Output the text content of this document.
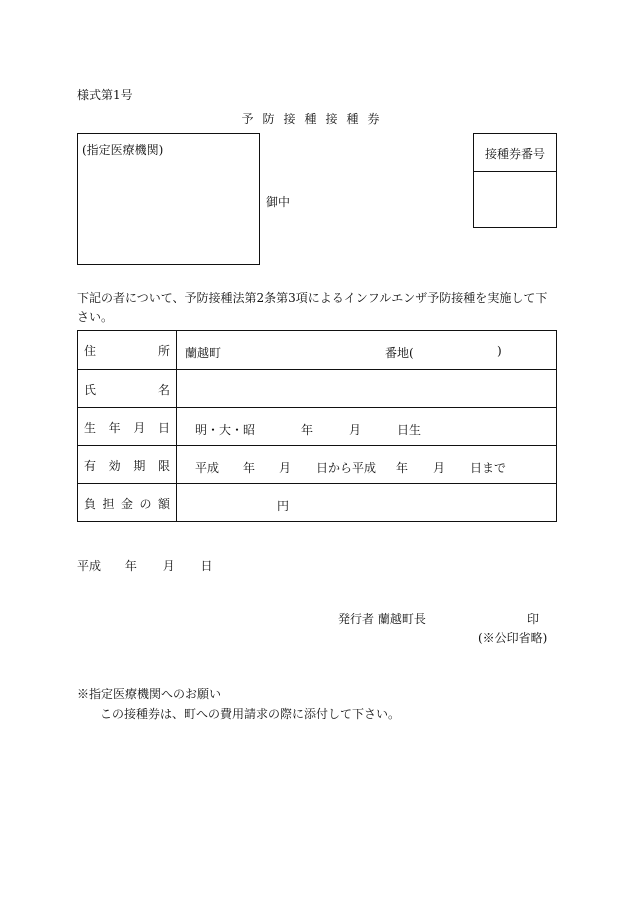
様式第1号
予防接種接種券
(指定医療機関)
御中
接種券番号
下記の者について、予防接種法第2条第3項によるインフルエンザ予防接種を実施して下
さい。
住	所 蘭越町	番地(	)
氏	名
生 年 月 日 明・大・昭	年	月	日生
有 効 期 限 平成 年 月 日から平成 年 月 日まで
負 担 金 の 額	円
平成 年 月 日
発行者 蘭越町長	印
(※公印省略)
※指定医療機関へのお願い
この接種券は、町への費用請求の際に添付して下さい。
